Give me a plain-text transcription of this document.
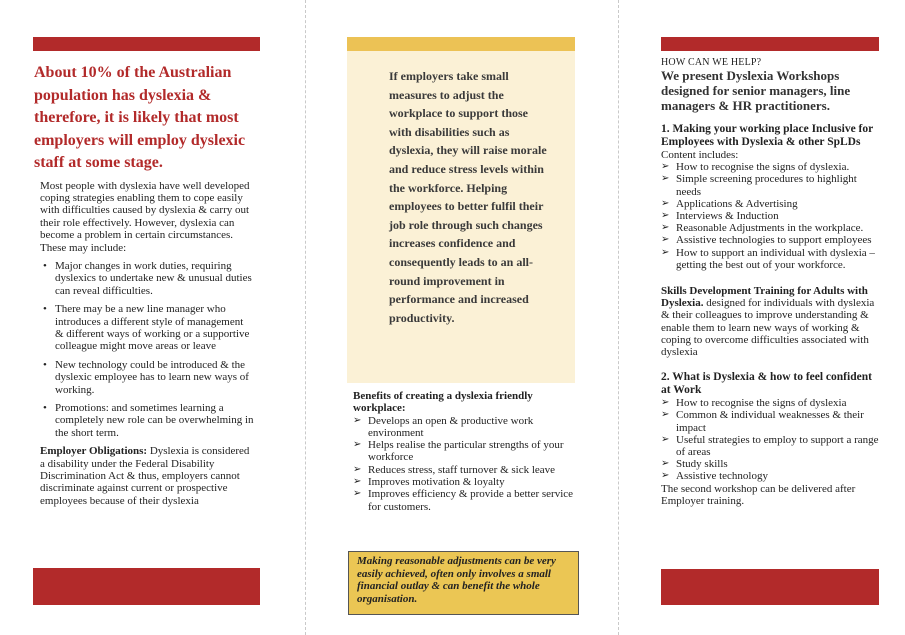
About 10% of the Australian population has dyslexia & therefore, it is likely that most employers will employ dyslexic staff at some stage.

Most people with dyslexia have well developed coping strategies enabling them to cope easily with difficulties caused by dyslexia & carry out their role effectively. However, dyslexia can become a problem in certain circumstances. These may include:

• Major changes in work duties, requiring dyslexics to undertake new & unusual duties can reveal difficulties.
• There may be a new line manager who introduces a different style of management & different ways of working or a supportive colleague might move areas or leave
• New technology could be introduced & the dyslexic employee has to learn new ways of working.
• Promotions: and sometimes learning a completely new role can be overwhelming in the short term.

Employer Obligations: Dyslexia is considered a disability under the Federal Disability Discrimination Act & thus, employers cannot discriminate against current or prospective employees because of their dyslexia

If employers take small measures to adjust the workplace to support those with disabilities such as dyslexia, they will raise morale and reduce stress levels within the workforce. Helping employees to better fulfil their job role through such changes increases confidence and consequently leads to an all-round improvement in performance and increased productivity.

Benefits of creating a dyslexia friendly workplace:

➢ Develops an open & productive work environment
➢ Helps realise the particular strengths of your workforce
➢ Reduces stress, staff turnover & sick leave
➢ Improves motivation & loyalty
➢ Improves efficiency & provide a better service for customers.

Making reasonable adjustments can be very easily achieved, often only involves a small financial outlay & can benefit the whole organisation.

HOW CAN WE HELP?

We present Dyslexia Workshops designed for senior managers, line managers & HR practitioners.

1. Making your working place Inclusive for Employees with Dyslexia & other SpLDs

Content includes:

➢ How to recognise the signs of dyslexia.
➢ Simple screening procedures to highlight needs
➢ Applications & Advertising
➢ Interviews & Induction
➢ Reasonable Adjustments in the workplace.
➢ Assistive technologies to support employees
➢ How to support an individual with dyslexia – getting the best out of your workforce.

Skills Development Training for Adults with Dyslexia. designed for individuals with dyslexia & their colleagues to improve understanding & enable them to learn new ways of working & coping to overcome difficulties associated with dyslexia

2. What is Dyslexia & how to feel confident at Work

➢ How to recognise the signs of dyslexia
➢ Common & individual weaknesses & their impact
➢ Useful strategies to employ to support a range of areas
➢ Study skills
➢ Assistive technology

The second workshop can be delivered after Employer training.
